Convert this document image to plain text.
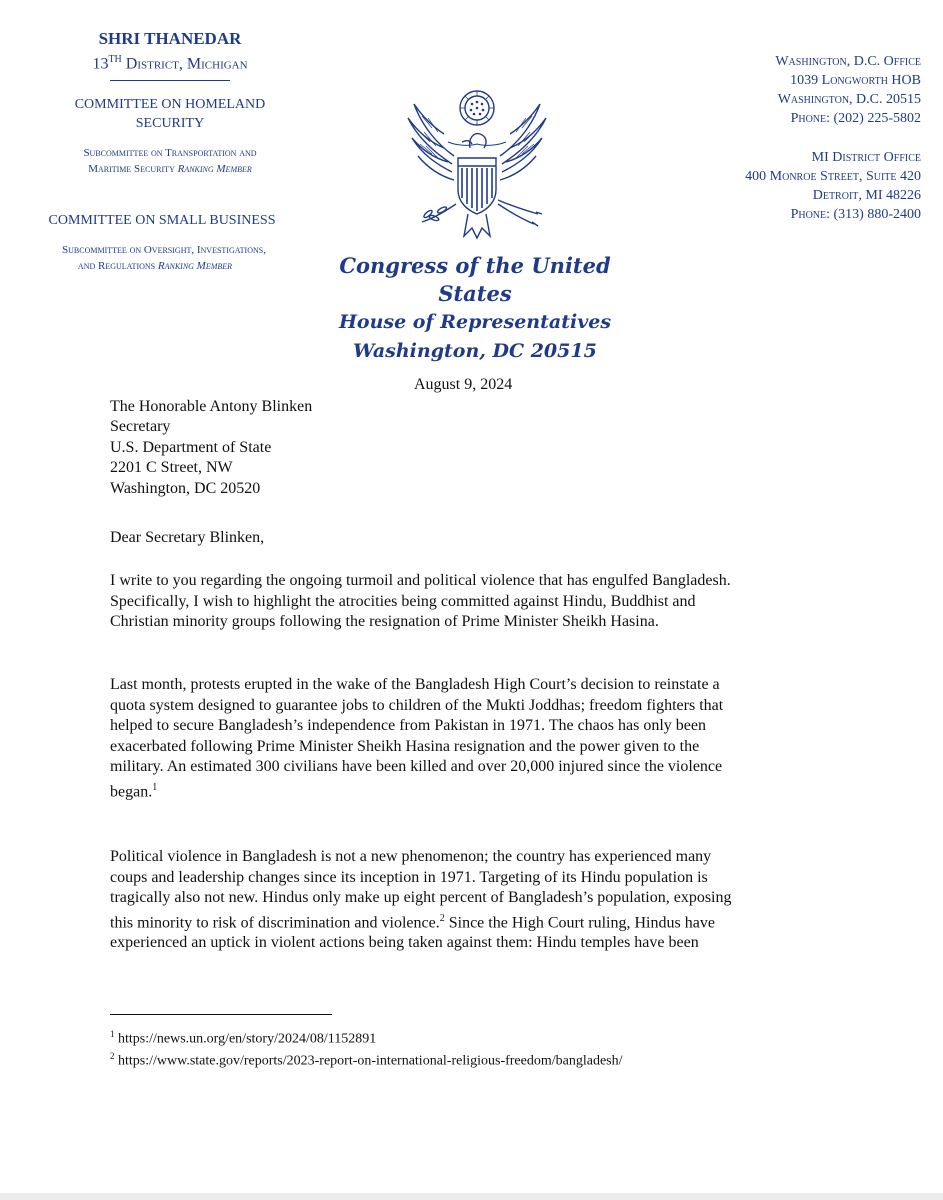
SHRI THANEDAR
13TH District, Michigan
COMMITTEE ON HOMELAND SECURITY
Subcommittee on Transportation and
Maritime Security Ranking Member
COMMITTEE ON SMALL BUSINESS
Subcommittee on Oversight, Investigations,
and Regulations Ranking Member
Washington, D.C. Office
1039 Longworth HOB
Washington, D.C. 20515
Phone: (202) 225-5802
MI District Office
400 Monroe Street, Suite 420
Detroit, MI 48226
Phone: (313) 880-2400
Congress of the United States
House of Representatives
Washington, DC 20515
August 9, 2024
The Honorable Antony Blinken
Secretary
U.S. Department of State
2201 C Street, NW
Washington, DC 20520
Dear Secretary Blinken,
I write to you regarding the ongoing turmoil and political violence that has engulfed Bangladesh.
Specifically, I wish to highlight the atrocities being committed against Hindu, Buddhist and
Christian minority groups following the resignation of Prime Minister Sheikh Hasina.
Last month, protests erupted in the wake of the Bangladesh High Court’s decision to reinstate a
quota system designed to guarantee jobs to children of the Mukti Joddhas; freedom fighters that
helped to secure Bangladesh’s independence from Pakistan in 1971. The chaos has only been
exacerbated following Prime Minister Sheikh Hasina resignation and the power given to the
military. An estimated 300 civilians have been killed and over 20,000 injured since the violence
began.$^1$
Political violence in Bangladesh is not a new phenomenon; the country has experienced many
coups and leadership changes since its inception in 1971. Targeting of its Hindu population is
tragically also not new. Hindus only make up eight percent of Bangladesh’s population, exposing
this minority to risk of discrimination and violence.$^2$ Since the High Court ruling, Hindus have
experienced an uptick in violent actions being taken against them: Hindu temples have been
$^1$ https://news.un.org/en/story/2024/08/1152891
$^2$ https://www.state.gov/reports/2023-report-on-international-religious-freedom/bangladesh/
